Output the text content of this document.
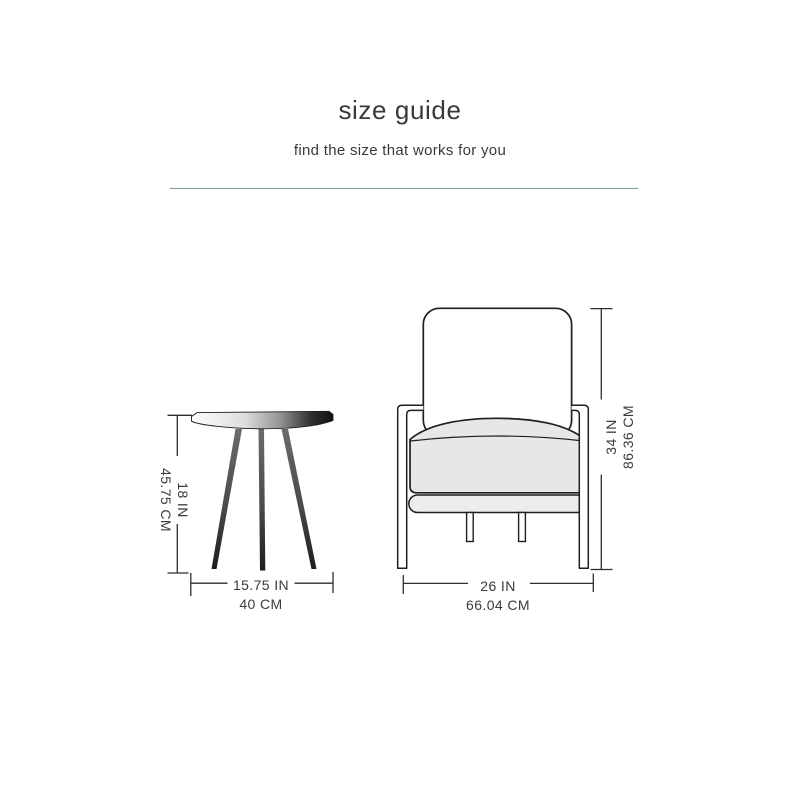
size guide
find the size that works for you
18 IN
45.75 CM
15.75 IN
40 CM
34 IN 86.36 CM
26 IN
66.04 CM
